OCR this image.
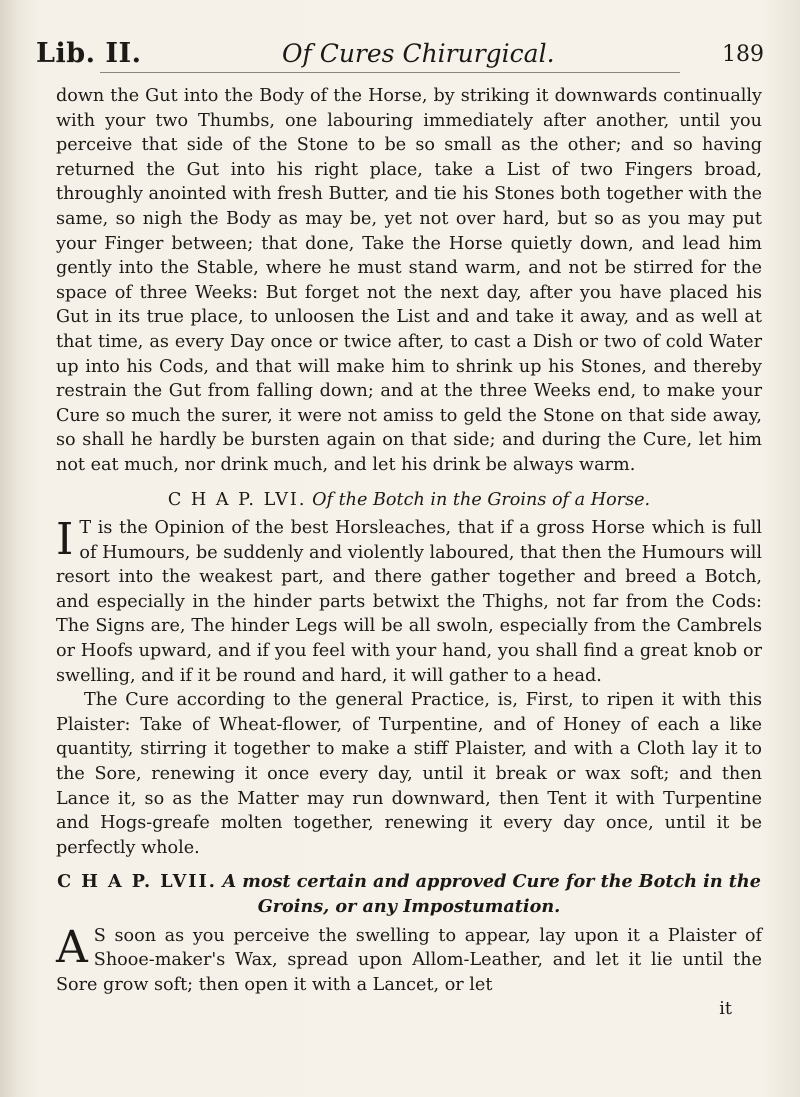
Lib. II.	Of Cures Chirurgical.	189

down the Gut into the Body of the Horse, by striking it downwards continually with your two Thumbs, one labouring immediately after another, until you perceive that side of the Stone to be so small as the other; and so having returned the Gut into his right place, take a List of two Fingers broad, throughly anointed with fresh Butter, and tie his Stones both together with the same, so nigh the Body as may be, yet not over hard, but so as you may put your Finger between; that done, Take the Horse quietly down, and lead him gently into the Stable, where he must stand warm, and not be stirred for the space of three Weeks: But forget not the next day, after you have placed his Gut in its true place, to unloosen the List and and take it away, and as well at that time, as every Day once or twice after, to cast a Dish or two of cold Water up into his Cods, and that will make him to shrink up his Stones, and thereby restrain the Gut from falling down; and at the three Weeks end, to make your Cure so much the surer, it were not amiss to geld the Stone on that side away, so shall he hardly be bursten again on that side; and during the Cure, let him not eat much, nor drink much, and let his drink be always warm.

C H A P. LVI. Of the Botch in the Groins of a Horse.

I T is the Opinion of the best Horsleaches, that if a gross Horse which is full of Humours, be suddenly and violently laboured, that then the Humours will resort into the weakest part, and there gather together and breed a Botch, and especially in the hinder parts betwixt the Thighs, not far from the Cods: The Signs are, The hinder Legs will be all swoln, especially from the Cambrels or Hoofs upward, and if you feel with your hand, you shall find a great knob or swelling, and if it be round and hard, it will gather to a head.

The Cure according to the general Practice, is, First, to ripen it with this Plaister: Take of Wheat-flower, of Turpentine, and of Honey of each a like quantity, stirring it together to make a stiff Plaister, and with a Cloth lay it to the Sore, renewing it once every day, until it break or wax soft; and then Lance it, so as the Matter may run downward, then Tent it with Turpentine and Hogs-greafe molten together, renewing it every day once, until it be perfectly whole.

C H A P. LVII. A most certain and approved Cure for the Botch in the Groins, or any Impostumation.

A S soon as you perceive the swelling to appear, lay upon it a Plaister of Shooe-maker's Wax, spread upon Allom-Leather, and let it lie until the Sore grow soft; then open it with a Lancet, or let

it
